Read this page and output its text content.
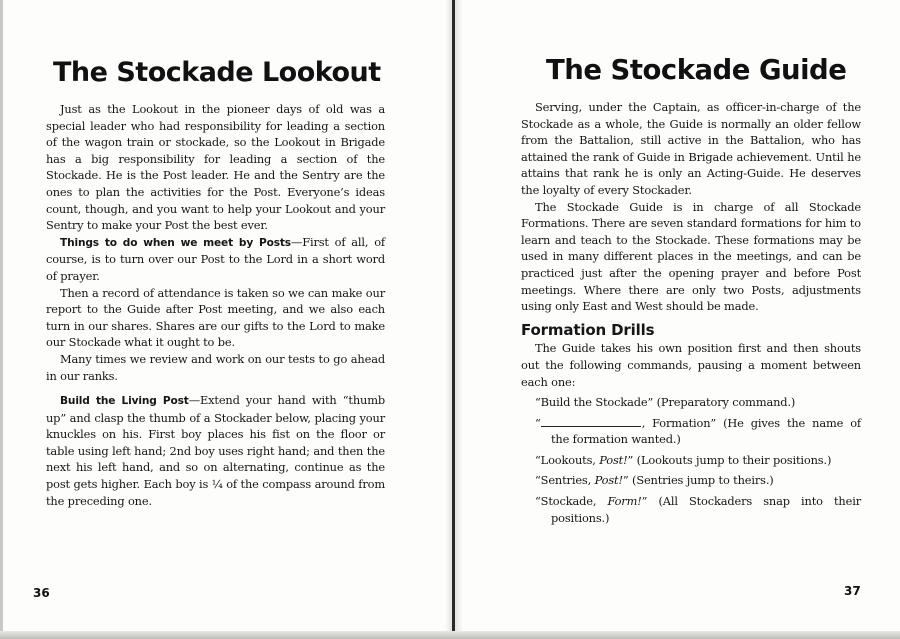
The Stockade Lookout

Just as the Lookout in the pioneer days of old was a special leader who had responsibility for leading a section of the wagon train or stockade, so the Lookout in Brigade has a big responsibility for leading a section of the Stockade. He is the Post leader. He and the Sentry are the ones to plan the activities for the Post. Everyone’s ideas count, though, and you want to help your Lookout and your Sentry to make your Post the best ever.

Things to do when we meet by Posts—First of all, of course, is to turn over our Post to the Lord in a short word of prayer.

Then a record of attendance is taken so we can make our report to the Guide after Post meeting, and we also each turn in our shares. Shares are our gifts to the Lord to make our Stockade what it ought to be.

Many times we review and work on our tests to go ahead in our ranks.

Build the Living Post—Extend your hand with “thumb up” and clasp the thumb of a Stockader below, placing your knuckles on his. First boy places his fist on the floor or table using left hand; 2nd boy uses right hand; and then the next his left hand, and so on alternating, continue as the post gets higher. Each boy is ¼ of the compass around from the preceding one.

36
The Stockade Guide

Serving, under the Captain, as officer-in-charge of the Stockade as a whole, the Guide is normally an older fellow from the Battalion, still active in the Battalion, who has attained the rank of Guide in Brigade achievement. Until he attains that rank he is only an Acting-Guide. He deserves the loyalty of every Stockader.

The Stockade Guide is in charge of all Stockade Formations. There are seven standard formations for him to learn and teach to the Stockade. These formations may be used in many different places in the meetings, and can be practiced just after the opening prayer and before Post meetings. Where there are only two Posts, adjustments using only East and West should be made.

Formation Drills

The Guide takes his own position first and then shouts out the following commands, pausing a moment between each one:

“Build the Stockade” (Preparatory command.)

“	, Formation” (He gives the name of the formation wanted.)

“Lookouts, Post!” (Lookouts jump to their positions.)

“Sentries, Post!” (Sentries jump to theirs.)

“Stockade, Form!” (All Stockaders snap into their positions.)

37
